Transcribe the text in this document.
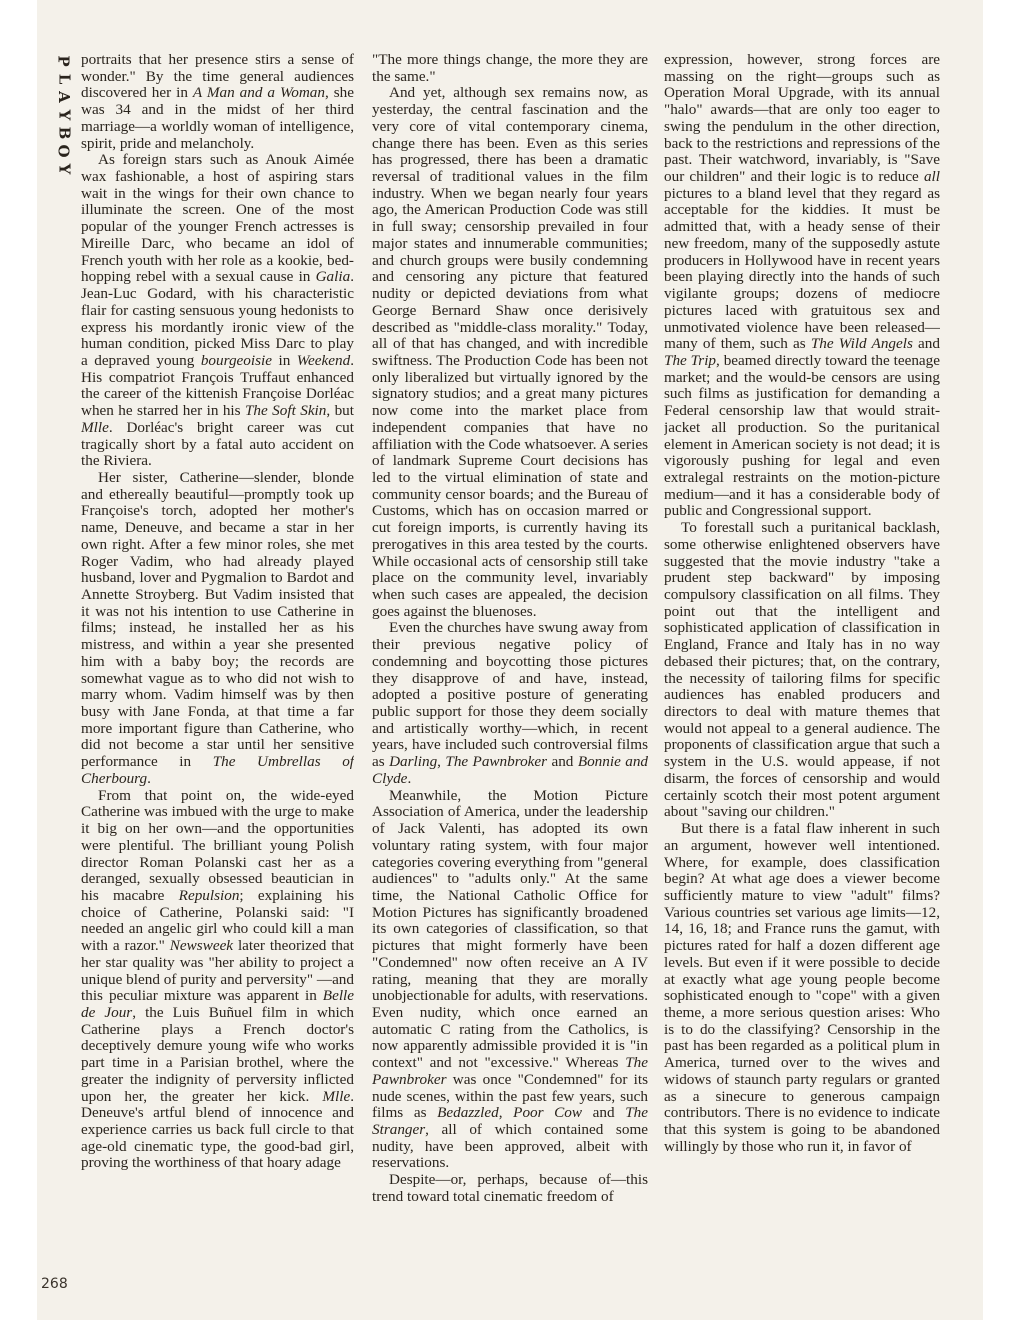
P
L
A
Y
B
O
Y

portraits that her presence stirs a sense of wonder." By the time general audiences discovered her in A Man and a Woman, she was 34 and in the midst of her third marriage—a worldly woman of intelligence, spirit, pride and melancholy.

As foreign stars such as Anouk Aimée wax fashionable, a host of aspiring stars wait in the wings for their own chance to illuminate the screen. One of the most popular of the younger French actresses is Mireille Darc, who became an idol of French youth with her role as a kookie, bed-hopping rebel with a sexual cause in Galia. Jean-Luc Godard, with his characteristic flair for casting sensuous young hedonists to express his mordantly ironic view of the human condition, picked Miss Darc to play a depraved young bourgeoisie in Weekend. His compatriot François Truffaut enhanced the career of the kittenish Françoise Dorléac when he starred her in his The Soft Skin, but Mlle. Dorléac's bright career was cut tragically short by a fatal auto accident on the Riviera.

Her sister, Catherine—slender, blonde and ethereally beautiful—promptly took up Françoise's torch, adopted her mother's name, Deneuve, and became a star in her own right. After a few minor roles, she met Roger Vadim, who had already played husband, lover and Pygmalion to Bardot and Annette Stroyberg. But Vadim insisted that it was not his intention to use Catherine in films; instead, he installed her as his mistress, and within a year she presented him with a baby boy; the records are somewhat vague as to who did not wish to marry whom. Vadim himself was by then busy with Jane Fonda, at that time a far more important figure than Catherine, who did not become a star until her sensitive performance in The Umbrellas of Cherbourg.

From that point on, the wide-eyed Catherine was imbued with the urge to make it big on her own—and the opportunities were plentiful. The brilliant young Polish director Roman Polanski cast her as a deranged, sexually obsessed beautician in his macabre Repulsion; explaining his choice of Catherine, Polanski said: "I needed an angelic girl who could kill a man with a razor." Newsweek later theorized that her star quality was "her ability to project a unique blend of purity and perversity" —and this peculiar mixture was apparent in Belle de Jour, the Luis Buñuel film in which Catherine plays a French doctor's deceptively demure young wife who works part time in a Parisian brothel, where the greater the indignity of perversity inflicted upon her, the greater her kick. Mlle. Deneuve's artful blend of innocence and experience carries us back full circle to that age-old cinematic type, the good-bad girl, proving the worthiness of that hoary adage

"The more things change, the more they are the same."

And yet, although sex remains now, as yesterday, the central fascination and the very core of vital contemporary cinema, change there has been. Even as this series has progressed, there has been a dramatic reversal of traditional values in the film industry. When we began nearly four years ago, the American Production Code was still in full sway; censorship prevailed in four major states and innumerable communities; and church groups were busily condemning and censoring any picture that featured nudity or depicted deviations from what George Bernard Shaw once derisively described as "middle-class morality." Today, all of that has changed, and with incredible swiftness. The Production Code has been not only liberalized but virtually ignored by the signatory studios; and a great many pictures now come into the market place from independent companies that have no affiliation with the Code whatsoever. A series of landmark Supreme Court decisions has led to the virtual elimination of state and community censor boards; and the Bureau of Customs, which has on occasion marred or cut foreign imports, is currently having its prerogatives in this area tested by the courts. While occasional acts of censorship still take place on the community level, invariably when such cases are appealed, the decision goes against the bluenoses.

Even the churches have swung away from their previous negative policy of condemning and boycotting those pictures they disapprove of and have, instead, adopted a positive posture of generating public support for those they deem socially and artistically worthy—which, in recent years, have included such controversial films as Darling, The Pawnbroker and Bonnie and Clyde.

Meanwhile, the Motion Picture Association of America, under the leadership of Jack Valenti, has adopted its own voluntary rating system, with four major categories covering everything from "general audiences" to "adults only." At the same time, the National Catholic Office for Motion Pictures has significantly broadened its own categories of classification, so that pictures that might formerly have been "Condemned" now often receive an A IV rating, meaning that they are morally unobjectionable for adults, with reservations. Even nudity, which once earned an automatic C rating from the Catholics, is now apparently admissible provided it is "in context" and not "excessive." Whereas The Pawnbroker was once "Condemned" for its nude scenes, within the past few years, such films as Bedazzled, Poor Cow and The Stranger, all of which contained some nudity, have been approved, albeit with reservations.

Despite—or, perhaps, because of—this trend toward total cinematic freedom of

expression, however, strong forces are massing on the right—groups such as Operation Moral Upgrade, with its annual "halo" awards—that are only too eager to swing the pendulum in the other direction, back to the restrictions and repressions of the past. Their watchword, invariably, is "Save our children" and their logic is to reduce all pictures to a bland level that they regard as acceptable for the kiddies. It must be admitted that, with a heady sense of their new freedom, many of the supposedly astute producers in Hollywood have in recent years been playing directly into the hands of such vigilante groups; dozens of mediocre pictures laced with gratuitous sex and unmotivated violence have been released—many of them, such as The Wild Angels and The Trip, beamed directly toward the teenage market; and the would-be censors are using such films as justification for demanding a Federal censorship law that would strait-jacket all production. So the puritanical element in American society is not dead; it is vigorously pushing for legal and even extralegal restraints on the motion-picture medium—and it has a considerable body of public and Congressional support.

To forestall such a puritanical backlash, some otherwise enlightened observers have suggested that the movie industry "take a prudent step backward" by imposing compulsory classification on all films. They point out that the intelligent and sophisticated application of classification in England, France and Italy has in no way debased their pictures; that, on the contrary, the necessity of tailoring films for specific audiences has enabled producers and directors to deal with mature themes that would not appeal to a general audience. The proponents of classification argue that such a system in the U.S. would appease, if not disarm, the forces of censorship and would certainly scotch their most potent argument about "saving our children."

But there is a fatal flaw inherent in such an argument, however well intentioned. Where, for example, does classification begin? At what age does a viewer become sufficiently mature to view "adult" films? Various countries set various age limits—12, 14, 16, 18; and France runs the gamut, with pictures rated for half a dozen different age levels. But even if it were possible to decide at exactly what age young people become sophisticated enough to "cope" with a given theme, a more serious question arises: Who is to do the classifying? Censorship in the past has been regarded as a political plum in America, turned over to the wives and widows of staunch party regulars or granted as a sinecure to generous campaign contributors. There is no evidence to indicate that this system is going to be abandoned willingly by those who run it, in favor of

268
